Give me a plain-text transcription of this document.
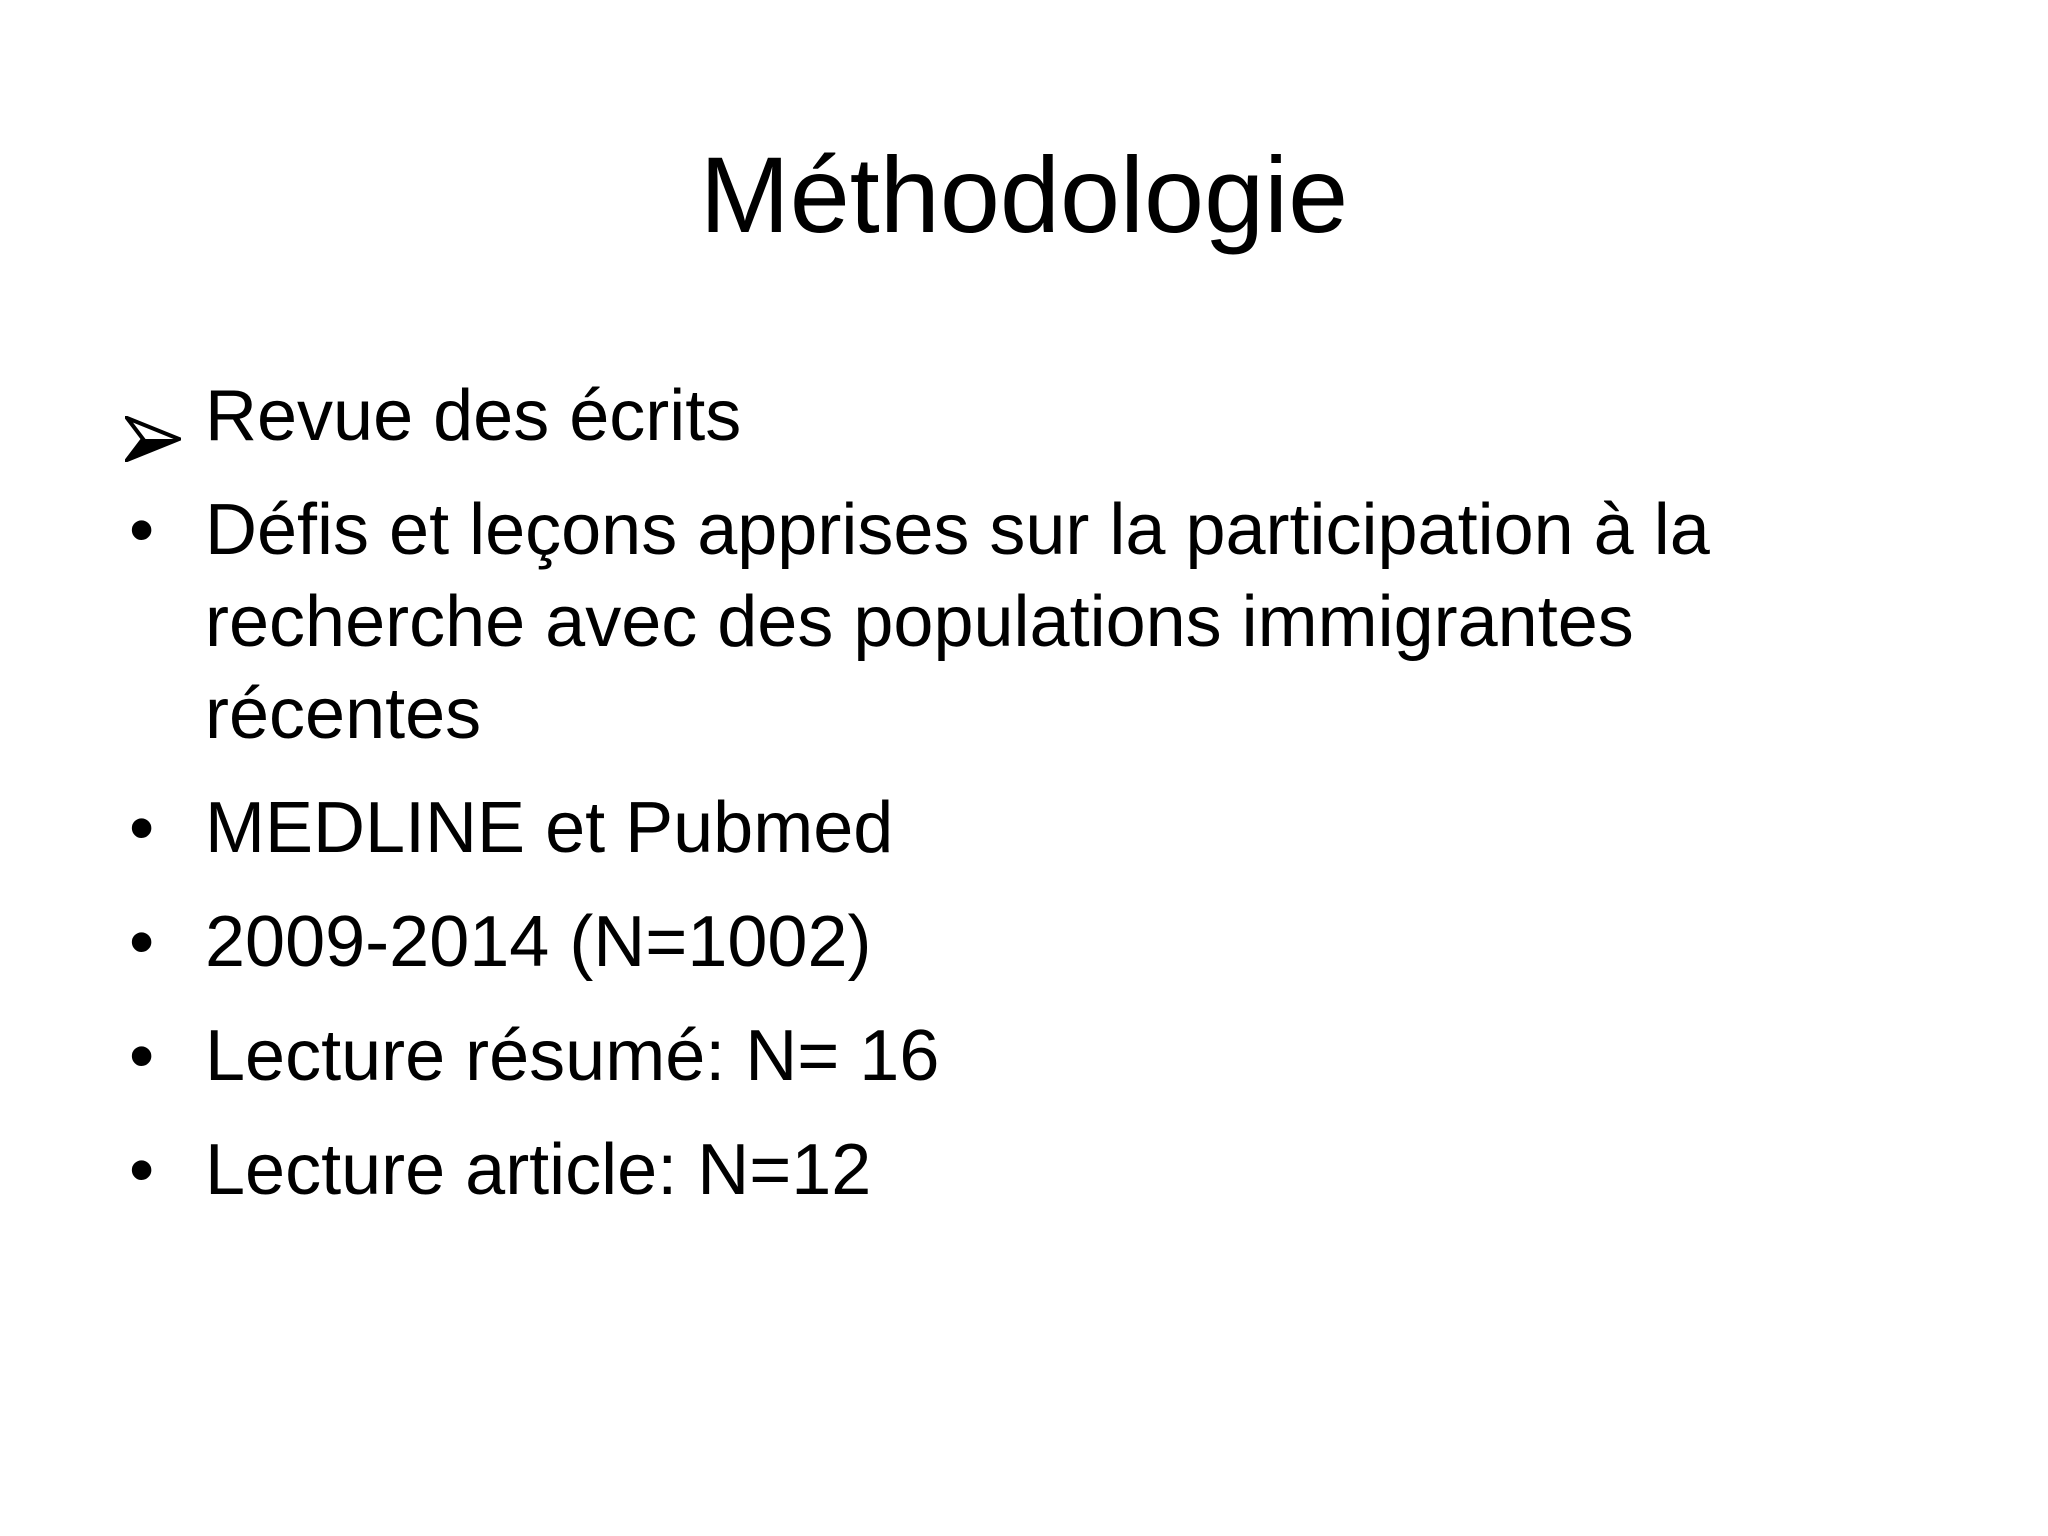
Méthodologie
Revue des écrits
• Défis et leçons apprises sur la participation à la recherche avec des populations immigrantes récentes
• MEDLINE et Pubmed
• 2009-2014 (N=1002)
• Lecture résumé: N= 16
• Lecture article: N=12
